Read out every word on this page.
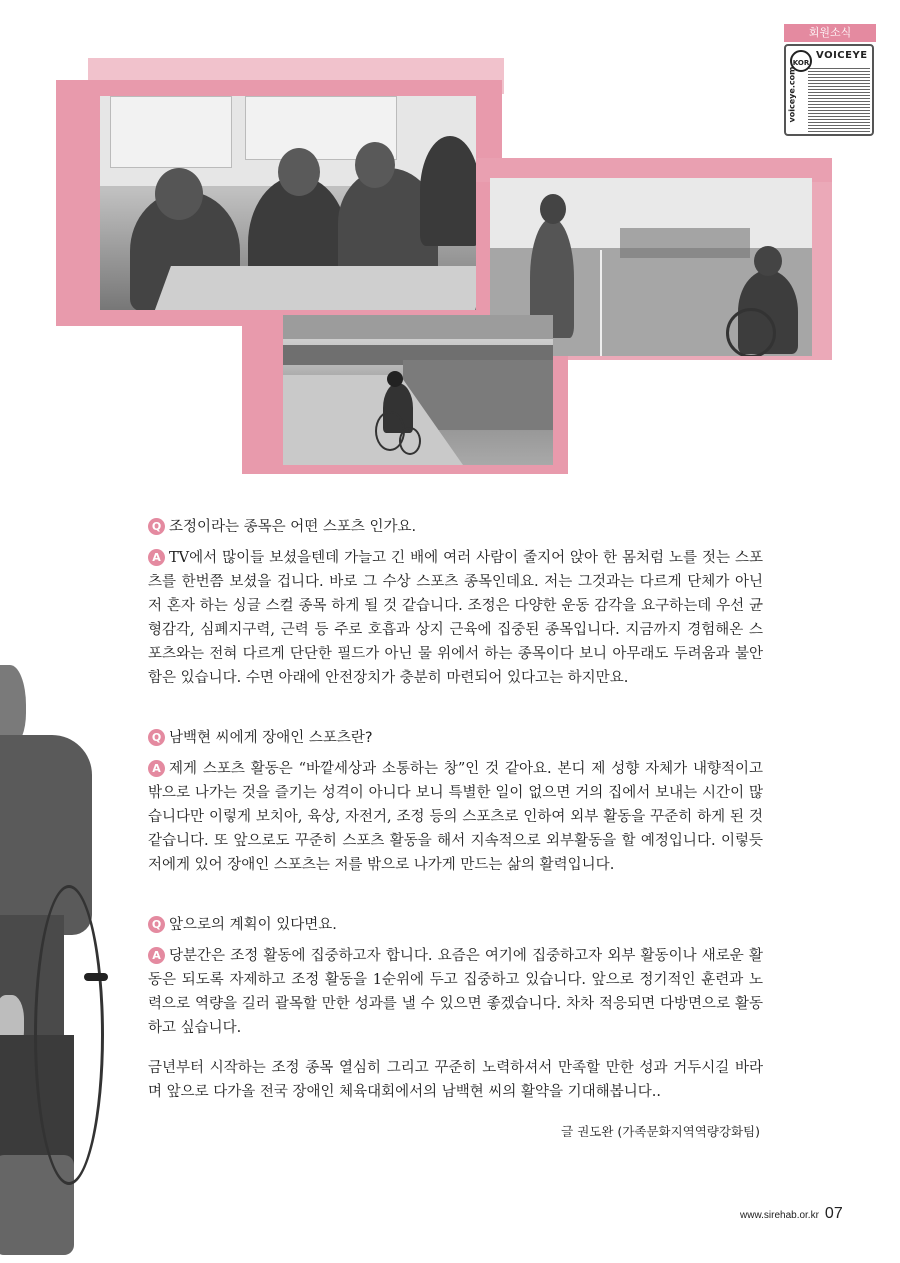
회원소식
KOR
VOICEYE
voiceye.com
Q 조정이라는 종목은 어떤 스포츠 인가요.

A TV에서 많이들 보셨을텐데 가늘고 긴 배에 여러 사람이 줄지어 앉아 한 몸처럼 노를 젓는 스포츠를 한번쯤 보셨을 겁니다. 바로 그 수상 스포츠 종목인데요. 저는 그것과는 다르게 단체가 아닌 저 혼자 하는 싱글 스컬 종목 하게 될 것 같습니다. 조정은 다양한 운동 감각을 요구하는데 우선 균형감각, 심폐지구력, 근력 등 주로 호흡과 상지 근육에 집중된 종목입니다. 지금까지 경험해온 스포츠와는 전혀 다르게 단단한 필드가 아닌 물 위에서 하는 종목이다 보니 아무래도 두려움과 불안함은 있습니다. 수면 아래에 안전장치가 충분히 마련되어 있다고는 하지만요.

Q 남백현 씨에게 장애인 스포츠란?

A 제게 스포츠 활동은 “바깥세상과 소통하는 창”인 것 같아요. 본디 제 성향 자체가 내향적이고 밖으로 나가는 것을 즐기는 성격이 아니다 보니 특별한 일이 없으면 거의 집에서 보내는 시간이 많습니다만 이렇게 보치아, 육상, 자전거, 조정 등의 스포츠로 인하여 외부 활동을 꾸준히 하게 된 것 같습니다. 또 앞으로도 꾸준히 스포츠 활동을 해서 지속적으로 외부활동을 할 예정입니다. 이렇듯 저에게 있어 장애인 스포츠는 저를 밖으로 나가게 만드는 삶의 활력입니다.

Q 앞으로의 계획이 있다면요.

A 당분간은 조정 활동에 집중하고자 합니다. 요즘은 여기에 집중하고자 외부 활동이나 새로운 활동은 되도록 자제하고 조정 활동을 1순위에 두고 집중하고 있습니다. 앞으로 정기적인 훈련과 노력으로 역량을 길러 괄목할 만한 성과를 낼 수 있으면 좋겠습니다. 차차 적응되면 다방면으로 활동하고 싶습니다.

금년부터 시작하는 조정 종목 열심히 그리고 꾸준히 노력하셔서 만족할 만한 성과 거두시길 바라며 앞으로 다가올 전국 장애인 체육대회에서의 남백현 씨의 활약을 기대해봅니다..

글 권도완 (가족문화지역역량강화팀)
www.sirehab.or.kr 07
